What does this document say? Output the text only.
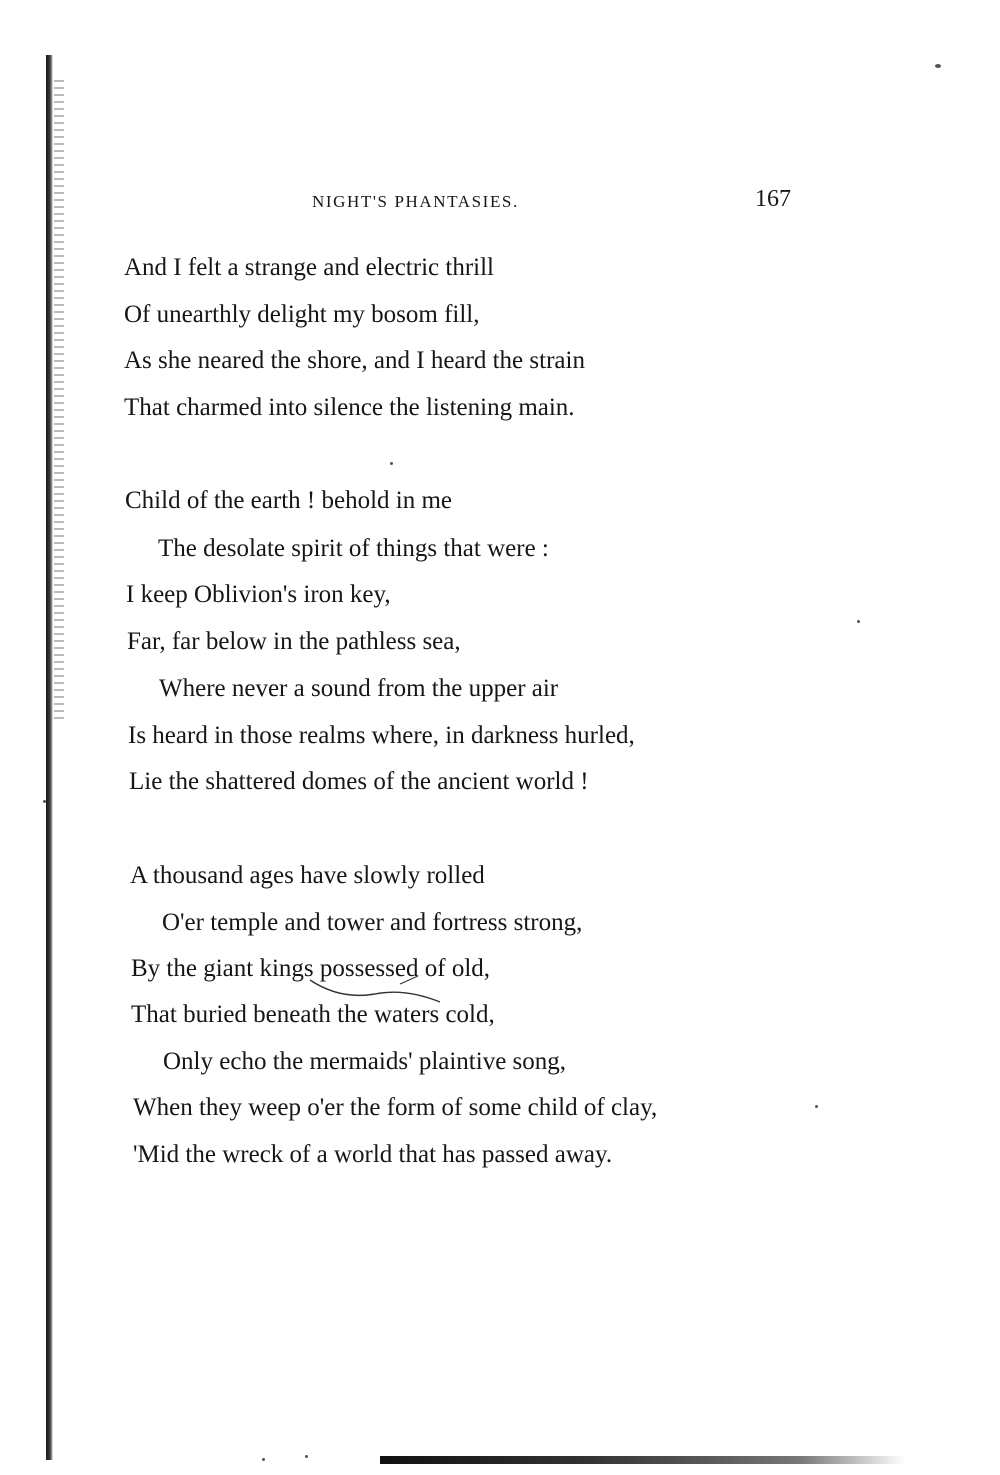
NIGHT'S PHANTASIES.	167
And I felt a strange and electric thrill
Of unearthly delight my bosom fill,
As she neared the shore, and I heard the strain
That charmed into silence the listening main.
Child of the earth ! behold in me
The desolate spirit of things that were :
I keep Oblivion's iron key,
Far, far below in the pathless sea,
Where never a sound from the upper air
Is heard in those realms where, in darkness hurled,
Lie the shattered domes of the ancient world !
A thousand ages have slowly rolled
O'er temple and tower and fortress strong,
By the giant kings possessed of old,
That buried beneath the waters cold,
Only echo the mermaids' plaintive song,
When they weep o'er the form of some child of clay,
'Mid the wreck of a world that has passed away.
